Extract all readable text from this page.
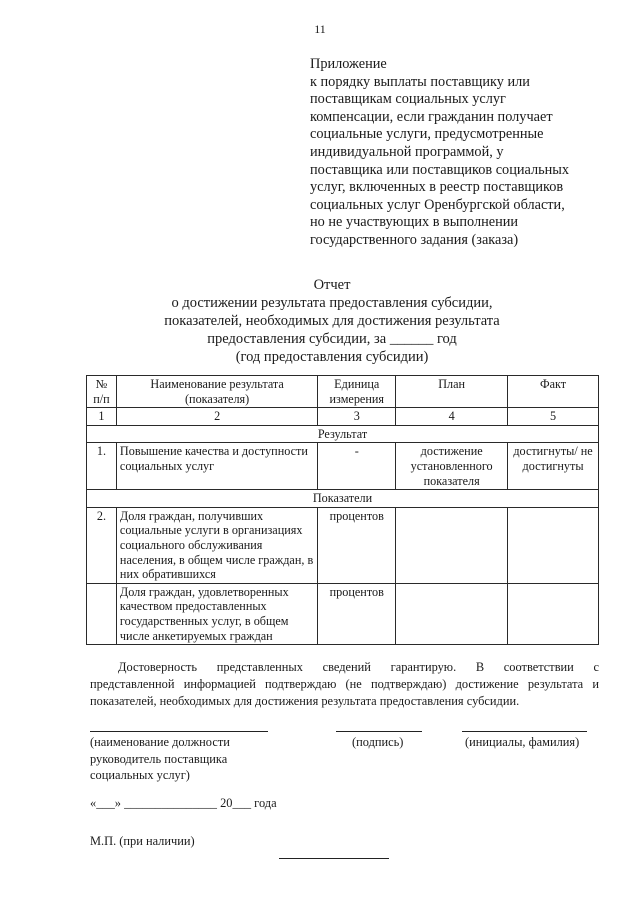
11
Приложение
к порядку выплаты поставщику или
поставщикам социальных услуг
компенсации, если гражданин получает
социальные услуги, предусмотренные
индивидуальной программой, у
поставщика или поставщиков социальных
услуг, включенных в реестр поставщиков
социальных услуг Оренбургской области,
но не участвующих в выполнении
государственного задания (заказа)
Отчет
о достижении результата предоставления субсидии,
показателей, необходимых для достижения результата
предоставления субсидии, за ______ год
(год предоставления субсидии)
№ п/п	Наименование результата (показателя)	Единица измерения	План	Факт
1	2	3	4	5
Результат				
1.	Повышение качества и доступности социальных услуг	-	достижение установленного показателя	достигнуты/ не достигнуты
Показатели				
2.	Доля граждан, получивших социальные услуги в организациях социального обслуживания населения, в общем числе граждан, в них обратившихся	процентов		
	Доля граждан, удовлетворенных качеством предоставленных государственных услуг, в общем числе анкетируемых граждан	процентов		

Достоверность представленных сведений гарантирую. В соответствии с

представленной информацией подтверждаю (не подтверждаю) достижение результата и

показателей, необходимых для достижения результата предоставления субсидии.

(наименование должности
руководитель поставщика
социальных услуг)
(подпись)	(инициалы, фамилия)
«___» _______________ 20___ года
М.П. (при наличии)
